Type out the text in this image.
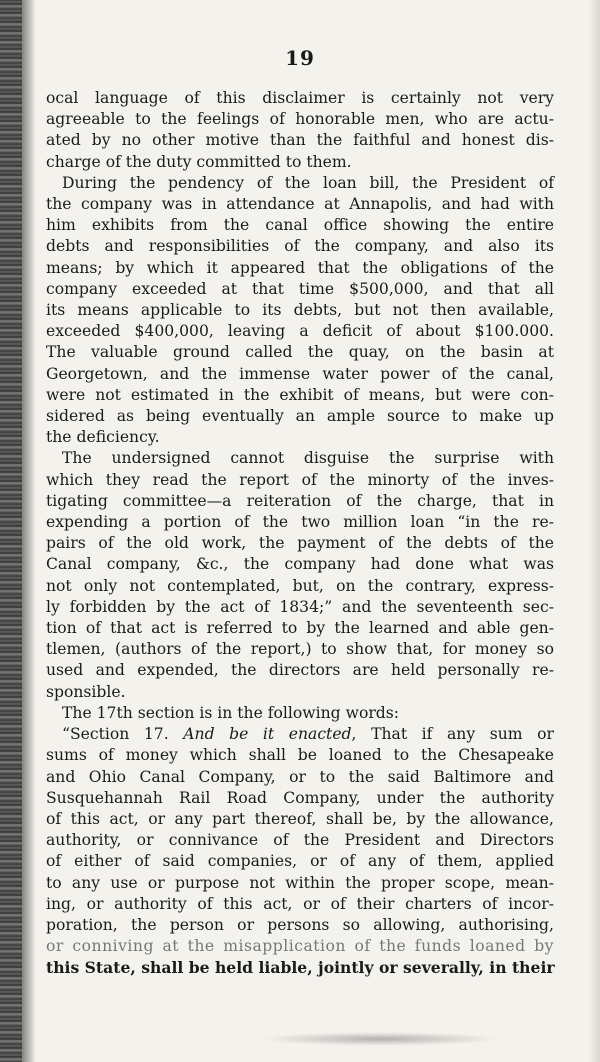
19
ocal language of this disclaimer is certainly not very
agreeable to the feelings of honorable men, who are actu-
ated by no other motive than the faithful and honest dis-
charge of the duty committed to them.
During the pendency of the loan bill, the President of
the company was in attendance at Annapolis, and had with
him exhibits from the canal office showing the entire
debts and responsibilities of the company, and also its
means; by which it appeared that the obligations of the
company exceeded at that time $500,000, and that all
its means applicable to its debts, but not then available,
exceeded $400,000, leaving a deficit of about $100.000.
The valuable ground called the quay, on the basin at
Georgetown, and the immense water power of the canal,
were not estimated in the exhibit of means, but were con-
sidered as being eventually an ample source to make up
the deficiency.
The undersigned cannot disguise the surprise with
which they read the report of the minorty of the inves-
tigating committee—a reiteration of the charge, that in
expending a portion of the two million loan “in the re-
pairs of the old work, the payment of the debts of the
Canal company, &c., the company had done what was
not only not contemplated, but, on the contrary, express-
ly forbidden by the act of 1834;” and the seventeenth sec-
tion of that act is referred to by the learned and able gen-
tlemen, (authors of the report,) to show that, for money so
used and expended, the directors are held personally re-
sponsible.
The 17th section is in the following words:
“Section 17. And be it enacted, That if any sum or
sums of money which shall be loaned to the Chesapeake
and Ohio Canal Company, or to the said Baltimore and
Susquehannah Rail Road Company, under the authority
of this act, or any part thereof, shall be, by the allowance,
authority, or connivance of the President and Directors
of either of said companies, or of any of them, applied
to any use or purpose not within the proper scope, mean-
ing, or authority of this act, or of their charters of incor-
poration, the person or persons so allowing, authorising,
or conniving at the misapplication of the funds loaned by
this State, shall be held liable, jointly or severally, in their
